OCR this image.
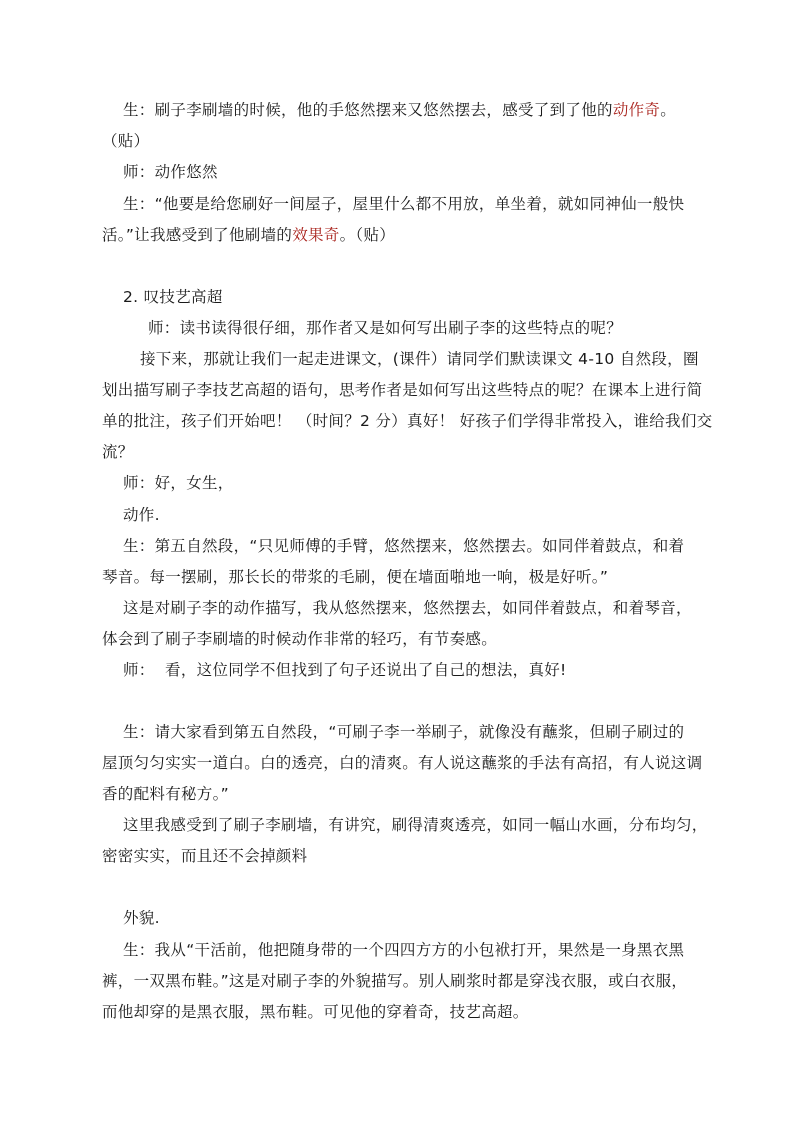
生：刷子李刷墙的时候，他的手悠然摆来又悠然摆去，感受了到了他的动作奇。
（贴）
师：动作悠然
生：“他要是给您刷好一间屋子，屋里什么都不用放，单坐着，就如同神仙一般快
活。”让我感受到了他刷墙的效果奇。（贴）
2. 叹技艺高超
师：读书读得很仔细，那作者又是如何写出刷子李的这些特点的呢？
接下来，那就让我们一起走进课文，(课件）请同学们默读课文 4-10 自然段，圈
划出描写刷子李技艺高超的语句，思考作者是如何写出这些特点的呢？在课本上进行简
单的批注，孩子们开始吧！ （时间？2 分）真好！ 好孩子们学得非常投入，谁给我们交
流？
师：好，女生，
动作.
生：第五自然段，“只见师傅的手臂，悠然摆来，悠然摆去。如同伴着鼓点，和着
琴音。每一摆刷，那长长的带浆的毛刷，便在墙面啪地一响，极是好听。”
这是对刷子李的动作描写，我从悠然摆来，悠然摆去，如同伴着鼓点，和着琴音，
体会到了刷子李刷墙的时候动作非常的轻巧，有节奏感。
师：  看，这位同学不但找到了句子还说出了自己的想法，真好!
生：请大家看到第五自然段，“可刷子李一举刷子，就像没有蘸浆，但刷子刷过的
屋顶匀匀实实一道白。白的透亮，白的清爽。有人说这蘸浆的手法有高招，有人说这调
香的配料有秘方。”
这里我感受到了刷子李刷墙，有讲究，刷得清爽透亮，如同一幅山水画，分布均匀，
密密实实，而且还不会掉颜料
外貌.
生：我从“干活前，他把随身带的一个四四方方的小包袱打开，果然是一身黑衣黑
裤，一双黑布鞋。”这是对刷子李的外貌描写。别人刷浆时都是穿浅衣服，或白衣服，
而他却穿的是黑衣服，黑布鞋。可见他的穿着奇，技艺高超。
